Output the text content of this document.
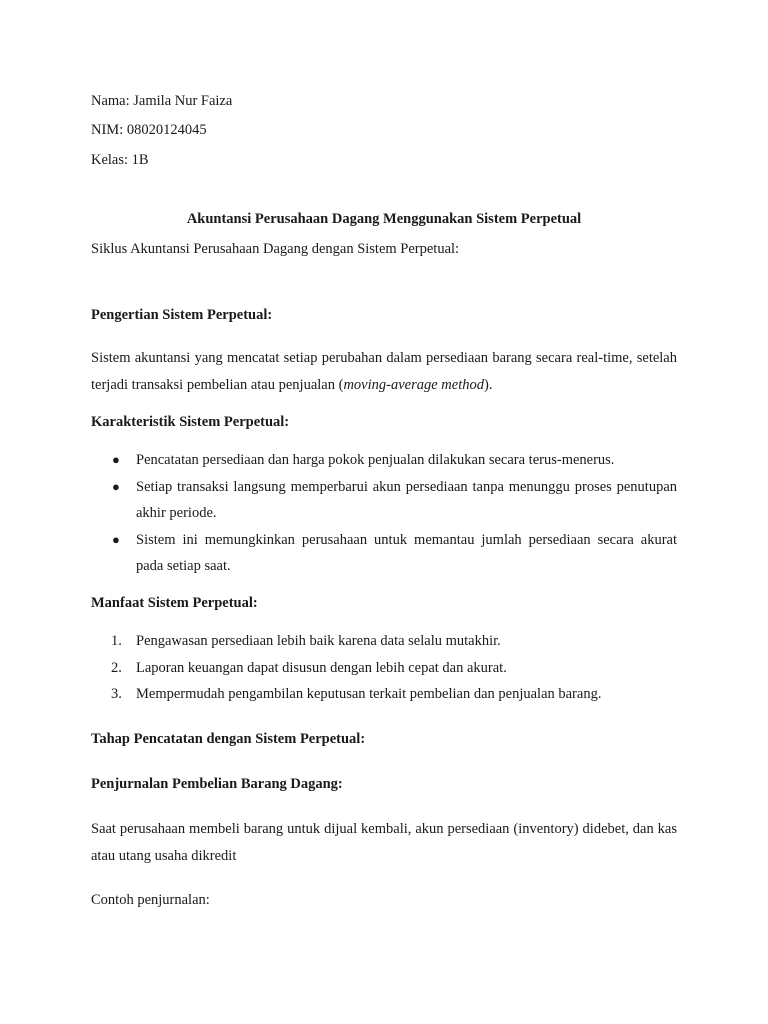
Nama: Jamila Nur Faiza
NIM: 08020124045
Kelas: 1B
Akuntansi Perusahaan Dagang Menggunakan Sistem Perpetual
Siklus Akuntansi Perusahaan Dagang dengan Sistem Perpetual:
Pengertian Sistem Perpetual:
Sistem akuntansi yang mencatat setiap perubahan dalam persediaan barang secara real-time, setelah terjadi transaksi pembelian atau penjualan (moving-average method).
Karakteristik Sistem Perpetual:
● Pencatatan persediaan dan harga pokok penjualan dilakukan secara terus-menerus.
● Setiap transaksi langsung memperbarui akun persediaan tanpa menunggu proses penutupan akhir periode.
● Sistem ini memungkinkan perusahaan untuk memantau jumlah persediaan secara akurat pada setiap saat.
Manfaat Sistem Perpetual:
1. Pengawasan persediaan lebih baik karena data selalu mutakhir.
2. Laporan keuangan dapat disusun dengan lebih cepat dan akurat.
3. Mempermudah pengambilan keputusan terkait pembelian dan penjualan barang.
Tahap Pencatatan dengan Sistem Perpetual:
Penjurnalan Pembelian Barang Dagang:
Saat perusahaan membeli barang untuk dijual kembali, akun persediaan (inventory) didebet, dan kas atau utang usaha dikredit
Contoh penjurnalan:
